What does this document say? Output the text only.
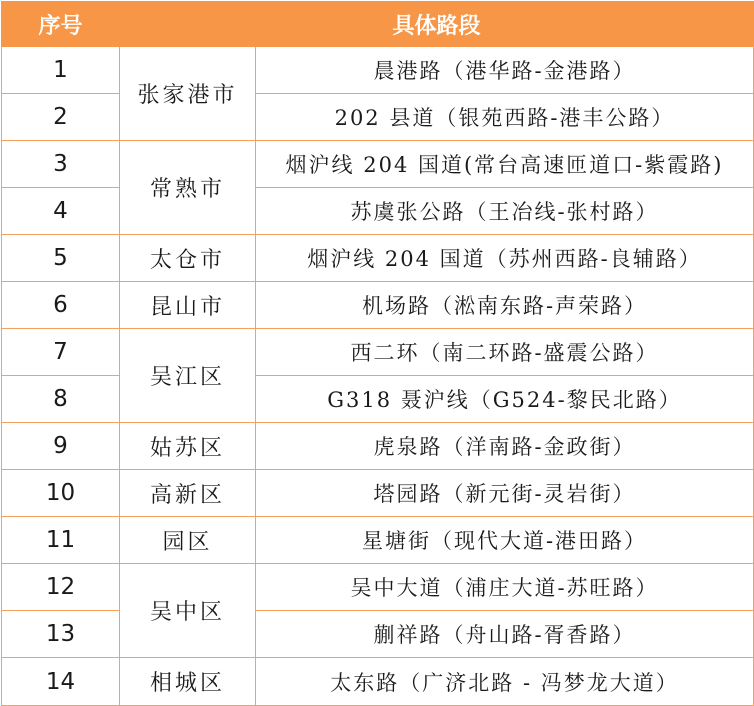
序号	具体路段	
1	张家港市	晨港路（港华路-金港路）
2		202 县道（银苑西路-港丰公路）
3	常熟市	烟沪线 204 国道(常台高速匝道口-紫霞路)
4		苏虞张公路（王冶线-张村路）
5	太仓市	烟沪线 204 国道（苏州西路-良辅路）
6	昆山市	机场路（淞南东路-声荣路）
7	吴江区	西二环（南二环路-盛震公路）
8		G318 聂沪线（G524-黎民北路）
9	姑苏区	虎泉路（洋南路-金政街）
10	高新区	塔园路（新元街-灵岩街）
11	园区	星塘街（现代大道-港田路）
12	吴中区	吴中大道（浦庄大道-苏旺路）
13		蒯祥路（舟山路-胥香路）
14	相城区	太东路（广济北路 - 冯梦龙大道）
